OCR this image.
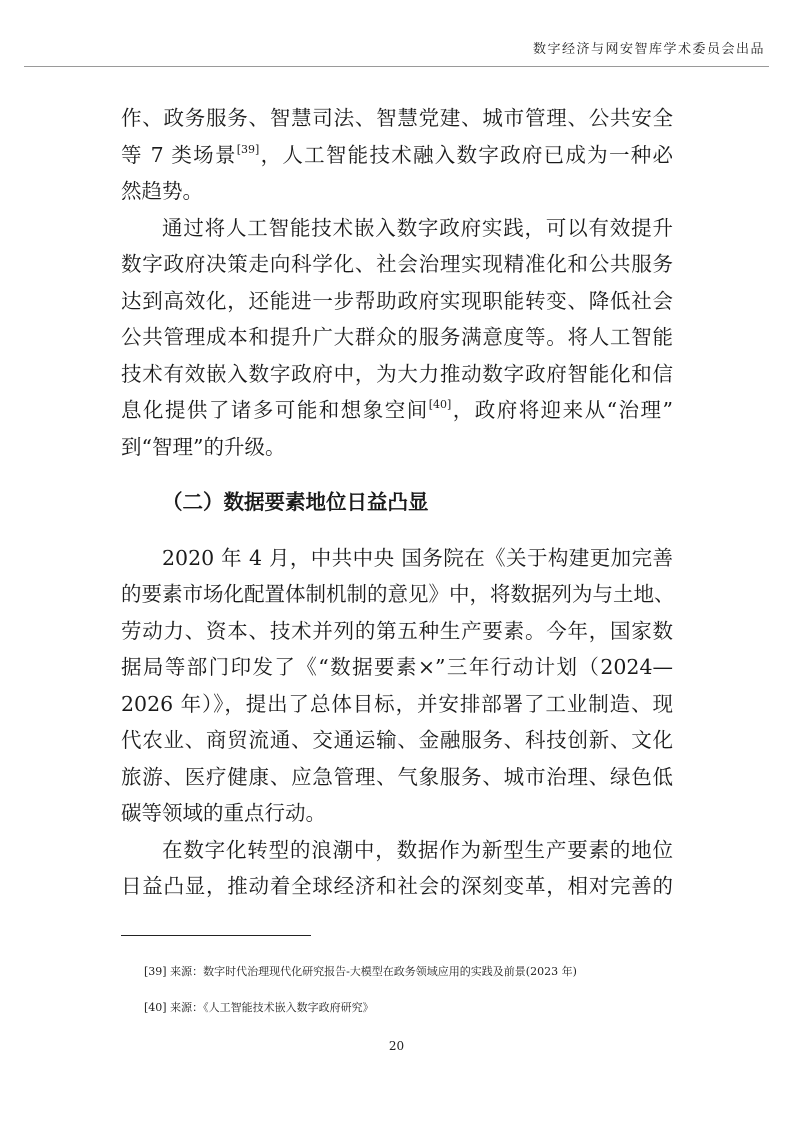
数字经济与网安智库学术委员会出品
作、政务服务、智慧司法、智慧党建、城市管理、公共安全
等 7 类场景[39]，人工智能技术融入数字政府已成为一种必
然趋势。
通过将人工智能技术嵌入数字政府实践，可以有效提升
数字政府决策走向科学化、社会治理实现精准化和公共服务
达到高效化，还能进一步帮助政府实现职能转变、降低社会
公共管理成本和提升广大群众的服务满意度等。将人工智能
技术有效嵌入数字政府中，为大力推动数字政府智能化和信
息化提供了诸多可能和想象空间[40]，政府将迎来从“治理”
到“智理”的升级。
（二）数据要素地位日益凸显
2020 年 4 月，中共中央 国务院在《关于构建更加完善
的要素市场化配置体制机制的意见》中，将数据列为与土地、
劳动力、资本、技术并列的第五种生产要素。今年，国家数
据局等部门印发了《“数据要素×”三年行动计划（2024—
2026 年）》，提出了总体目标，并安排部署了工业制造、现
代农业、商贸流通、交通运输、金融服务、科技创新、文化
旅游、医疗健康、应急管理、气象服务、城市治理、绿色低
碳等领域的重点行动。
在数字化转型的浪潮中，数据作为新型生产要素的地位
日益凸显，推动着全球经济和社会的深刻变革，相对完善的
[39] 来源：数字时代治理现代化研究报告-大模型在政务领域应用的实践及前景(2023 年)
[40] 来源：《人工智能技术嵌入数字政府研究》
20
